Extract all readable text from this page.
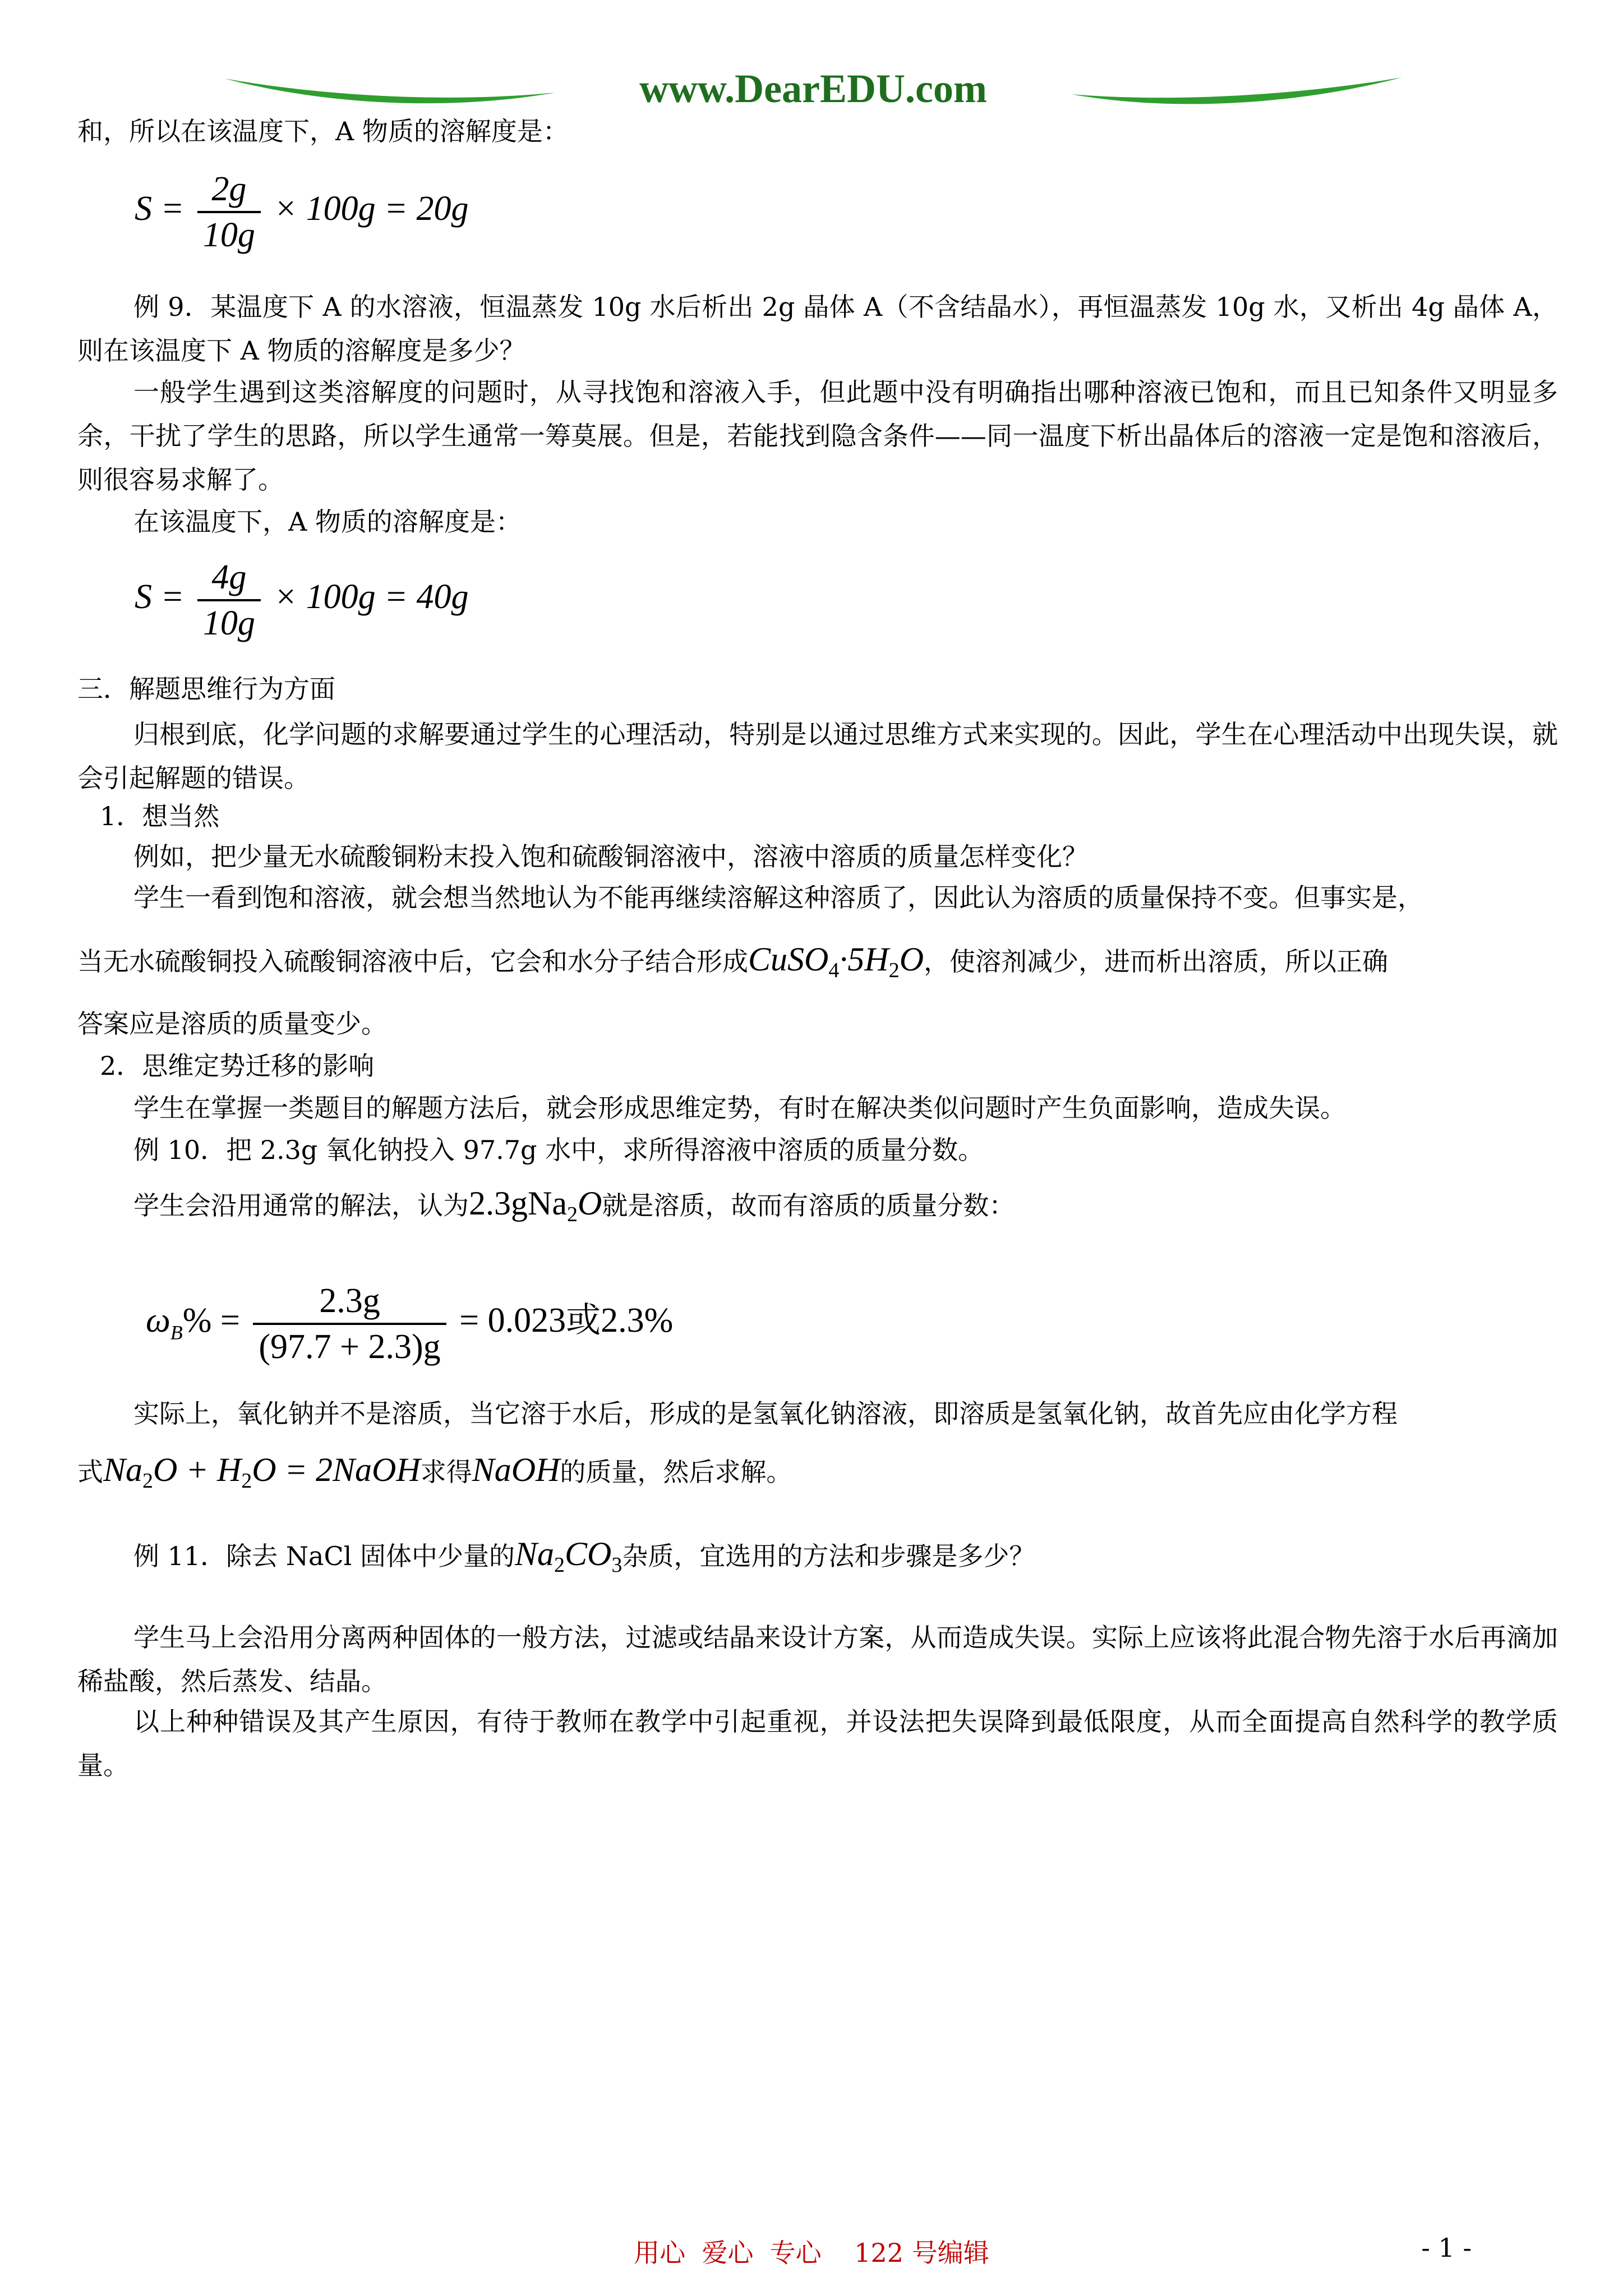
www.DearEDU.com
和，所以在该温度下，A 物质的溶解度是：
$S = \frac{2g}{10g} \times 100g = 20g$
例 9．某温度下 A 的水溶液，恒温蒸发 10g 水后析出 2g 晶体 A（不含结晶水），再恒温蒸发 10g 水，又析出 4g 晶体 A，则在该温度下 A 物质的溶解度是多少？
一般学生遇到这类溶解度的问题时，从寻找饱和溶液入手，但此题中没有明确指出哪种溶液已饱和，而且已知条件又明显多余，干扰了学生的思路，所以学生通常一筹莫展。但是，若能找到隐含条件——同一温度下析出晶体后的溶液一定是饱和溶液后，则很容易求解了。
在该温度下，A 物质的溶解度是：
$S = \frac{4g}{10g} \times 100g = 40g$
三．解题思维行为方面
归根到底，化学问题的求解要通过学生的心理活动，特别是以通过思维方式来实现的。因此，学生在心理活动中出现失误，就会引起解题的错误。
1．想当然
例如，把少量无水硫酸铜粉末投入饱和硫酸铜溶液中，溶液中溶质的质量怎样变化？
学生一看到饱和溶液，就会想当然地认为不能再继续溶解这种溶质了，因此认为溶质的质量保持不变。但事实是，
当无水硫酸铜投入硫酸铜溶液中后，它会和水分子结合形成$CuSO_4\cdot 5H_2O$，使溶剂减少，进而析出溶质，所以正确
答案应是溶质的质量变少。
2．思维定势迁移的影响
学生在掌握一类题目的解题方法后，就会形成思维定势，有时在解决类似问题时产生负面影响，造成失误。
例 10．把 2.3g 氧化钠投入 97.7g 水中，求所得溶液中溶质的质量分数。
学生会沿用通常的解法，认为2.3gNa$_2$O就是溶质，故而有溶质的质量分数：
$\omega_B\% = \frac{2.3g}{(97.7 + 2.3)g} = 0.023$或2.3%
实际上，氧化钠并不是溶质，当它溶于水后，形成的是氢氧化钠溶液，即溶质是氢氧化钠，故首先应由化学方程
式$Na_2O + H_2O$ = 2NaOH求得NaOH的质量，然后求解。
例 11．除去 NaCl 固体中少量的$Na_2CO_3$杂质，宜选用的方法和步骤是多少？
学生马上会沿用分离两种固体的一般方法，过滤或结晶来设计方案，从而造成失误。实际上应该将此混合物先溶于水后再滴加稀盐酸，然后蒸发、结晶。
以上种种错误及其产生原因，有待于教师在教学中引起重视，并设法把失误降到最低限度，从而全面提高自然科学的教学质量。
用心  爱心  专心    122 号编辑	- 1 -
